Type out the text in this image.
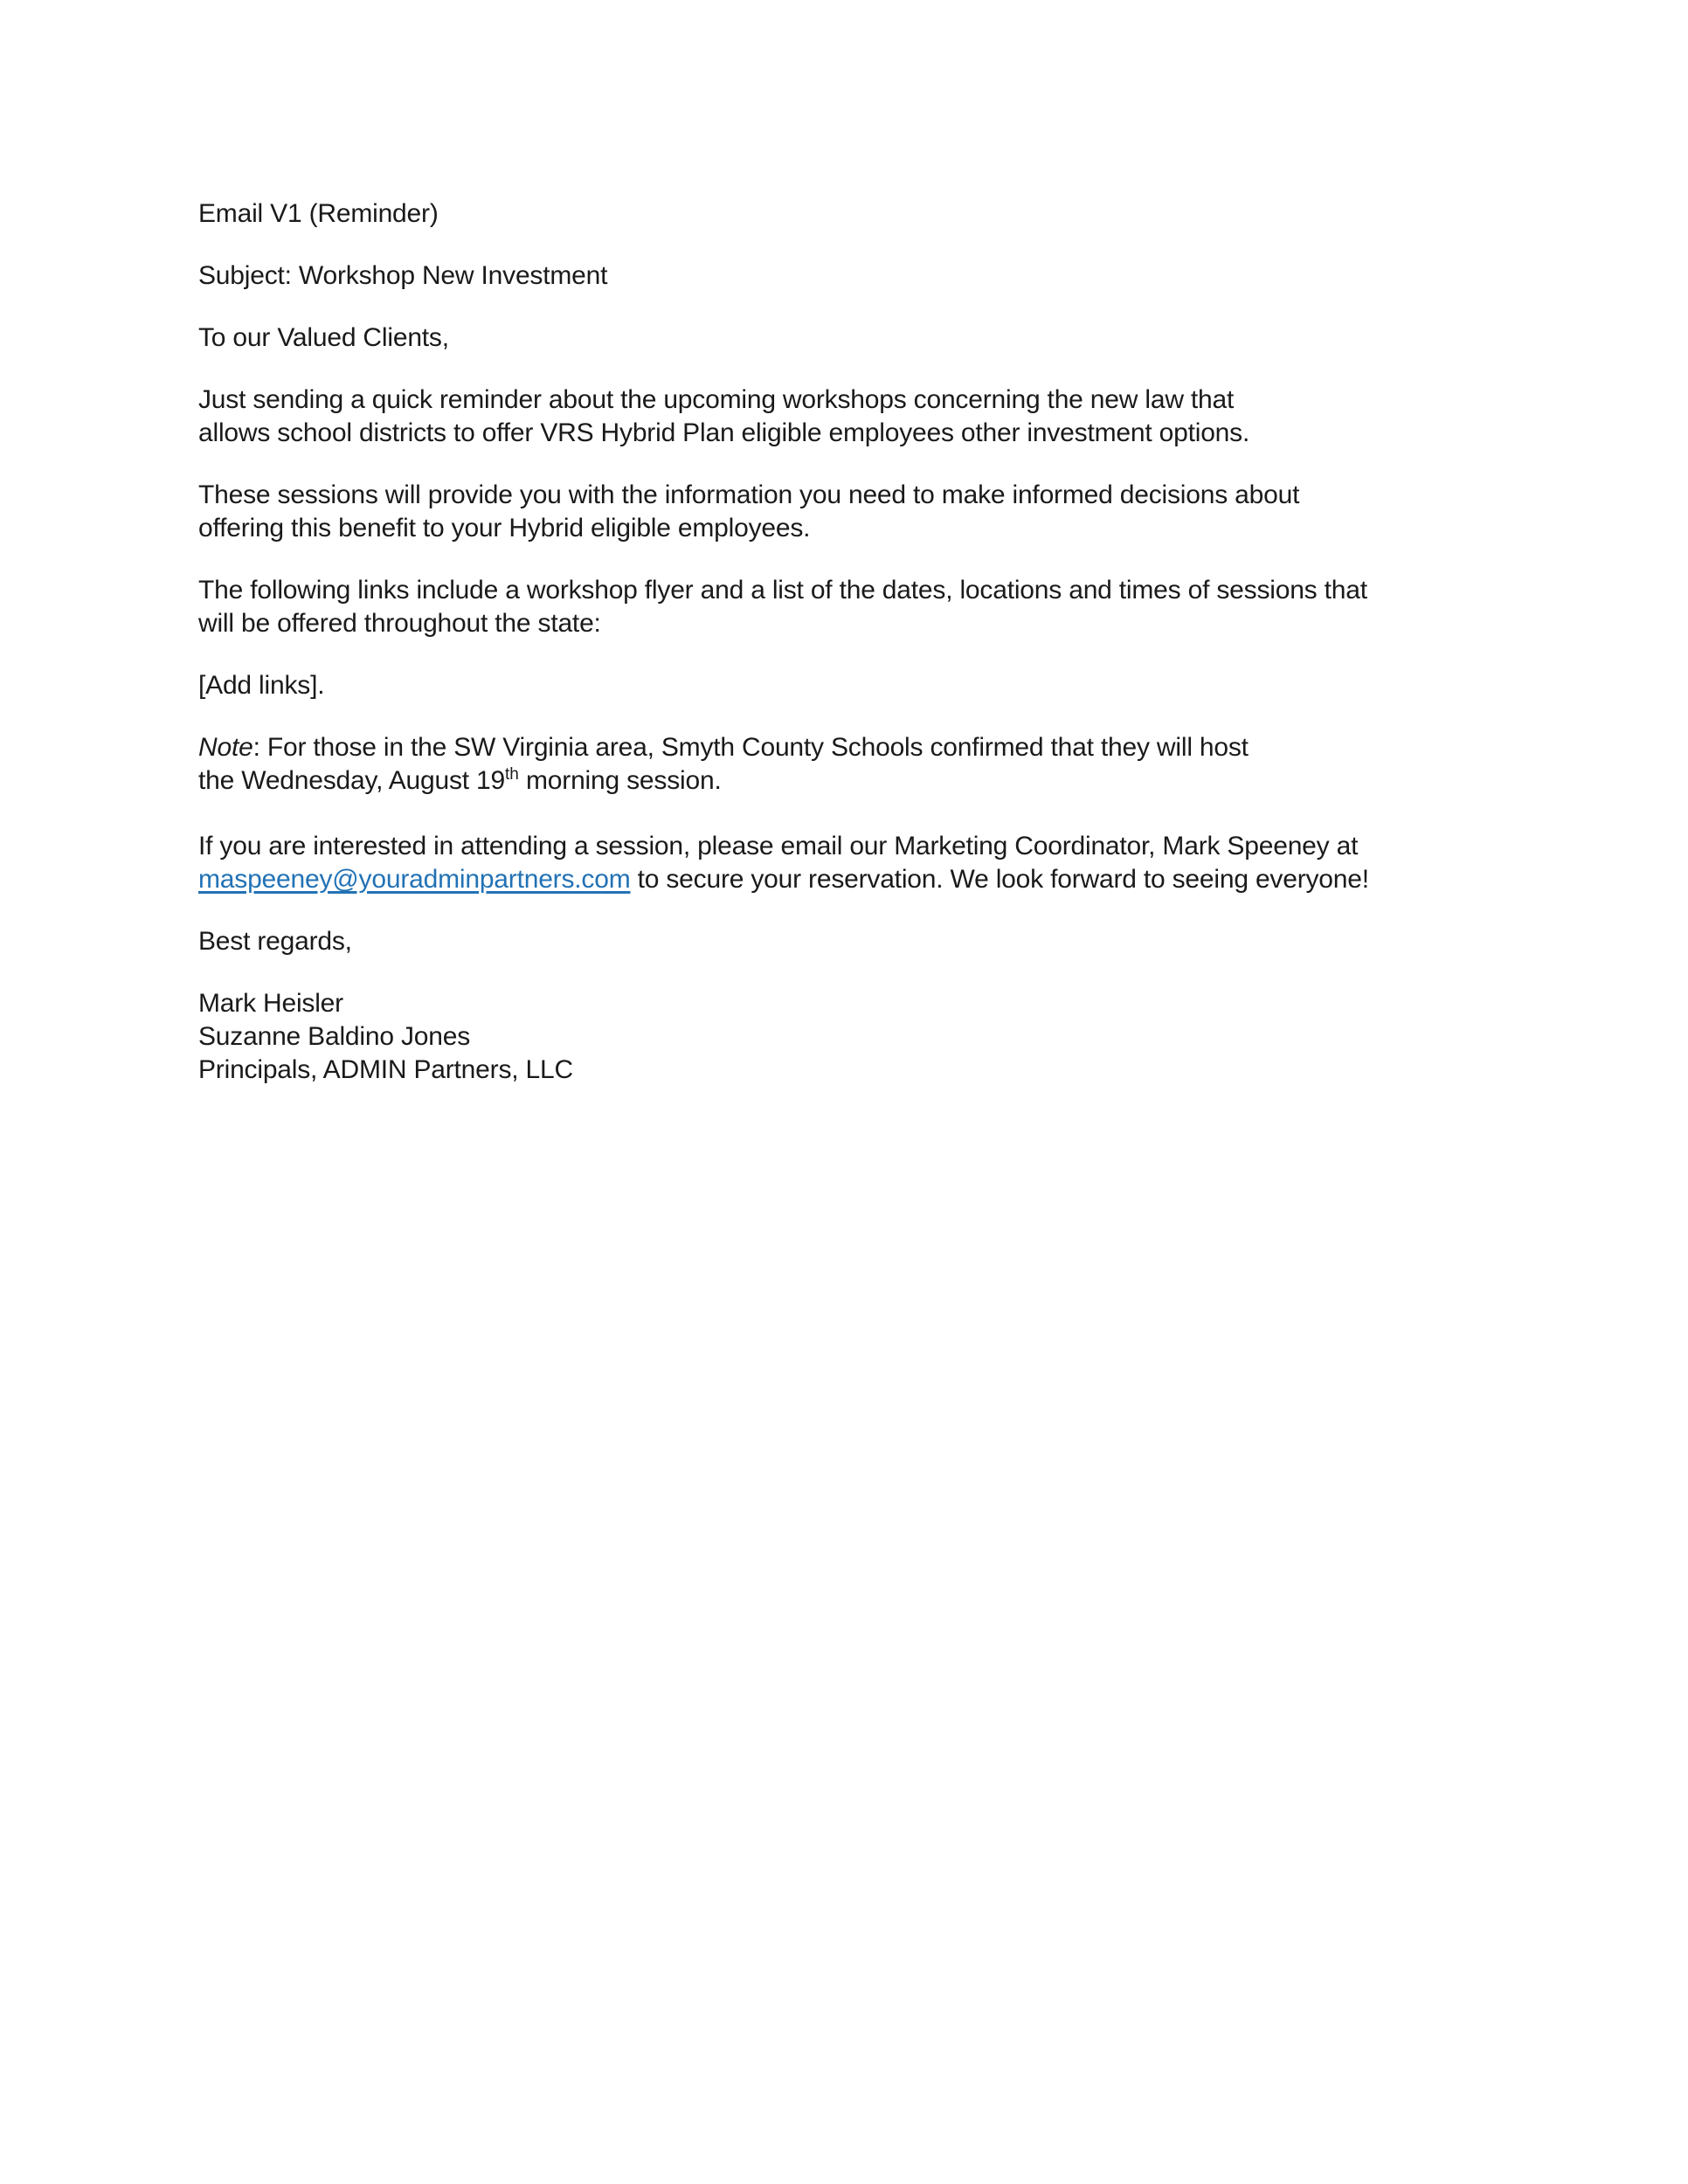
Email V1 (Reminder)
Subject: Workshop New Investment
To our Valued Clients,
Just sending a quick reminder about the upcoming workshops concerning the new law that
allows school districts to offer VRS Hybrid Plan eligible employees other investment options.
These sessions will provide you with the information you need to make informed decisions about
offering this benefit to your Hybrid eligible employees.
The following links include a workshop flyer and a list of the dates, locations and times of sessions that
will be offered throughout the state:
[Add links].
Note: For those in the SW Virginia area, Smyth County Schools confirmed that they will host
the Wednesday, August 19th morning session.
If you are interested in attending a session, please email our Marketing Coordinator, Mark Speeney at
maspeeney@youradminpartners.com to secure your reservation. We look forward to seeing everyone!
Best regards,
Mark Heisler
Suzanne Baldino Jones
Principals, ADMIN Partners, LLC
